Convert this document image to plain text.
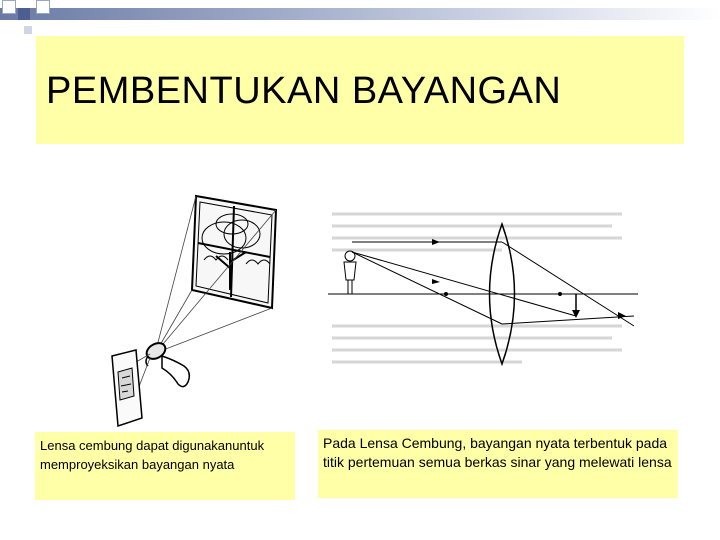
PEMBENTUKAN BAYANGAN
Lensa cembung dapat digunakanuntuk memproyeksikan bayangan nyata
Pada Lensa Cembung, bayangan nyata terbentuk pada titik pertemuan semua berkas sinar yang melewati lensa
